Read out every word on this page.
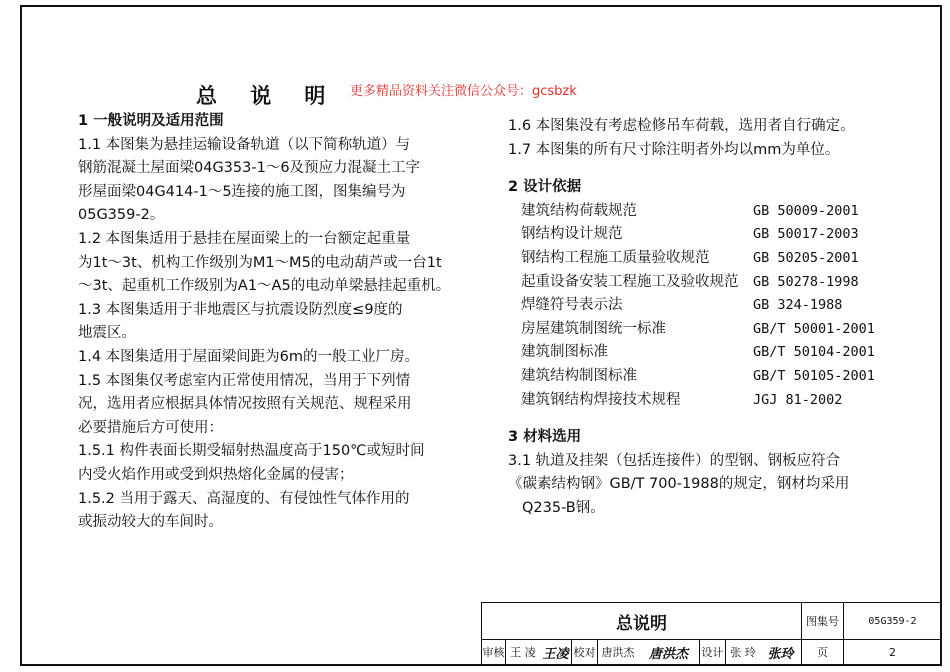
总 说 明 更多精品资料关注微信公众号：gcsbzk

1 一般说明及适用范围

1.1 本图集为悬挂运输设备轨道（以下简称轨道）与

钢筋混凝土屋面梁04G353-1～6及预应力混凝土工字

形屋面梁04G414-1～5连接的施工图，图集编号为

05G359-2。

1.2 本图集适用于悬挂在屋面梁上的一台额定起重量

为1t～3t、机构工作级别为M1～M5的电动葫芦或一台1t

～3t、起重机工作级别为A1～A5的电动单梁悬挂起重机。

1.3 本图集适用于非地震区与抗震设防烈度≤9度的

地震区。

1.4 本图集适用于屋面梁间距为6m的一般工业厂房。

1.5 本图集仅考虑室内正常使用情况，当用于下列情

况，选用者应根据具体情况按照有关规范、规程采用

必要措施后方可使用：

1.5.1 构件表面长期受辐射热温度高于150℃或短时间

内受火焰作用或受到炽热熔化金属的侵害；

1.5.2 当用于露天、高湿度的、有侵蚀性气体作用的

或振动较大的车间时。

1.6 本图集没有考虑检修吊车荷载，选用者自行确定。

1.7 本图集的所有尺寸除注明者外均以mm为单位。

2 设计依据

建筑结构荷载规范	GB 50009-2001
钢结构设计规范	GB 50017-2003
钢结构工程施工质量验收规范	GB 50205-2001
起重设备安装工程施工及验收规范	GB 50278-1998
焊缝符号表示法	GB 324-1988
房屋建筑制图统一标准	GB/T 50001-2001
建筑制图标准	GB/T 50104-2001
建筑结构制图标准	GB/T 50105-2001
建筑钢结构焊接技术规程	JGJ 81-2002

3 材料选用

3.1 轨道及挂架（包括连接件）的型钢、钢板应符合

《碳素结构钢》GB/T 700-1988的规定，钢材均采用

Q235-B钢。

总说明	图集号	05G359-2
审核 王 凌 王凌 校对 唐洪杰	唐洪杰	设计 张 玲 张玲	页	2
